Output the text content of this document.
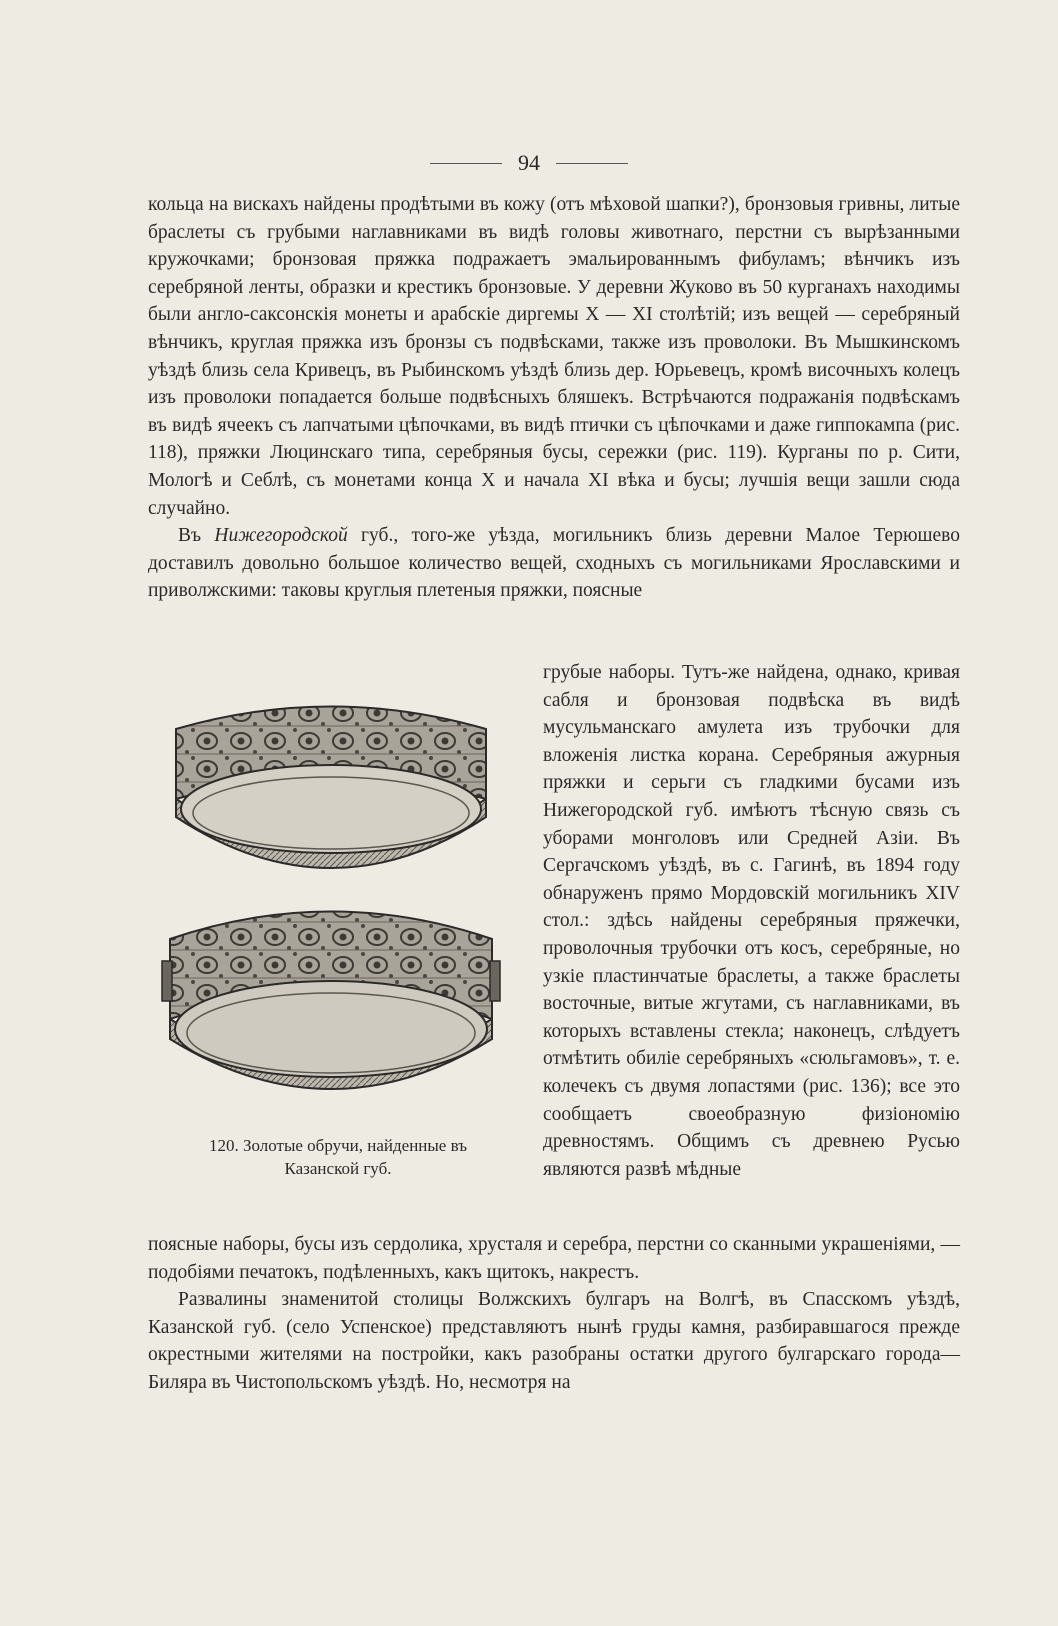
94

кольца на вискахъ найдены продѣтыми въ кожу (отъ мѣховой шапки?), бронзовыя гривны, литые браслеты съ грубыми наглавниками въ видѣ головы животнаго, перстни съ вырѣзанными кружочками; бронзовая пряжка подражаетъ эмальированнымъ фибуламъ; вѣнчикъ изъ серебряной ленты, образки и крестикъ бронзовые. У деревни Жуково въ 50 курганахъ находимы были англо-саксонскія монеты и арабскіе диргемы X — XI столѣтій; изъ вещей — серебряный вѣнчикъ, круглая пряжка изъ бронзы съ подвѣсками, также изъ проволоки. Въ Мышкинскомъ уѣздѣ близь села Кривецъ, въ Рыбинскомъ уѣздѣ близь дер. Юрьевецъ, кромѣ височныхъ колецъ изъ проволоки попадается больше подвѣсныхъ бляшекъ. Встрѣчаются подражанія подвѣскамъ въ видѣ ячеекъ съ лапчатыми цѣпочками, въ видѣ птички съ цѣпочками и даже гиппокампа (рис. 118), пряжки Люцинскаго типа, серебряныя бусы, сережки (рис. 119). Курганы по р. Сити, Мологѣ и Себлѣ, съ монетами конца X и начала XI вѣка и бусы; лучшія вещи зашли сюда случайно.

Въ Нижегородской губ., того-же уѣзда, могильникъ близь деревни Малое Терюшево доставилъ довольно большое количество вещей, сходныхъ съ могильниками Ярославскими и приволжскими: таковы круглыя плетеныя пряжки, поясные

120. Золотые обручи, найденные въ
Казанской губ.

грубые наборы. Тутъ-же найдена, однако, кривая сабля и бронзовая подвѣска въ видѣ мусульманскаго амулета изъ трубочки для вложенія листка корана. Серебряныя ажурныя пряжки и серьги съ гладкими бусами изъ Нижегородской губ. имѣютъ тѣсную связь съ уборами монголовъ или Средней Азіи. Въ Сергачскомъ уѣздѣ, въ с. Гагинѣ, въ 1894 году обнаруженъ прямо Мордовскій могильникъ XIV стол.: здѣсь найдены серебряныя пряжечки, проволочныя трубочки отъ косъ, серебряные, но узкіе пластинчатые браслеты, а также браслеты восточные, витые жгутами, съ наглавниками, въ которыхъ вставлены стекла; наконецъ, слѣдуетъ отмѣтить обиліе серебряныхъ «сюльгамовъ», т. е. колечекъ съ двумя лопастями (рис. 136); все это сообщаетъ своеобразную физіономію древностямъ. Общимъ съ древнею Русью являются развѣ мѣдные

поясные наборы, бусы изъ сердолика, хрусталя и серебра, перстни со сканными украшеніями, — подобіями печатокъ, подѣленныхъ, какъ щитокъ, накрестъ.

Развалины знаменитой столицы Волжскихъ булгаръ на Волгѣ, въ Спасскомъ уѣздѣ, Казанской губ. (село Успенское) представляютъ нынѣ груды камня, разбиравшагося прежде окрестными жителями на постройки, какъ разобраны остатки другого булгарскаго города—Биляра въ Чистопольскомъ уѣздѣ. Но, несмотря на
